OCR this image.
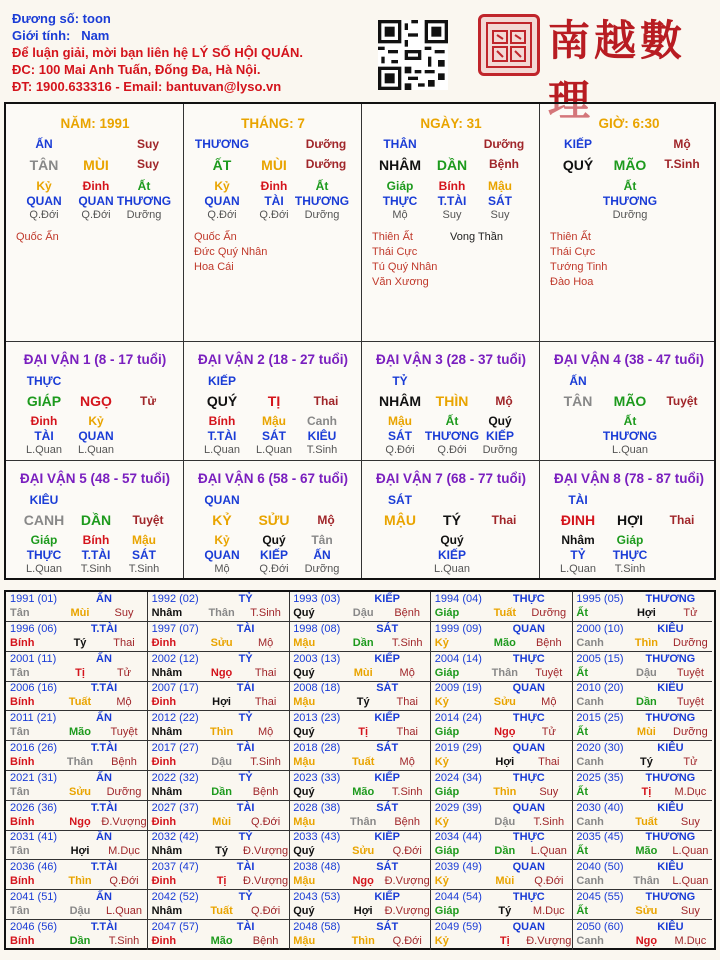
Đương số: toon
Giới tính: Nam
Để luận giải, mời bạn liên hệ LÝ SỐ HỘI QUÁN.
ĐC: 100 Mai Anh Tuấn, Đống Đa, Hà Nội.
ĐT: 1900.633316 - Email: bantuvan@lyso.vn
南越數理
NĂM: 1991
ẤN	Suy
TÂN	MÙI	Suy
Kỷ
QUAN
Q.Đới
Đinh
QUAN
Q.Đới
Ất
THƯƠNG
Dưỡng
Quốc Ấn
THÁNG: 7
THƯƠNG	Dưỡng
ẤT	MÙI	Dưỡng
Kỷ
QUAN
Q.Đới
Đinh
TÀI
Q.Đới
Ất
THƯƠNG
Dưỡng
Quốc Ấn
Đức Quý Nhân
Hoa Cái
NGÀY: 31
THÂN	Dưỡng
NHÂM	DẦN	Bệnh
Giáp
THỰC
Mộ
Bính
T.TÀI
Suy
Mậu
SÁT
Suy
Thiên Ất
Thái Cực
Tú Quý Nhân
Văn Xương
Vong Thần
GIỜ: 6:30
KIẾP	Mộ
QUÝ	MÃO	T.Sinh
Ất
THƯƠNG
Dưỡng
Thiên Ất
Thái Cực
Tướng Tinh
Đào Hoa
ĐẠI VẬN 1 (8 - 17 tuổi)
THỰC
GIÁP	NGỌ	Tử
Đinh
TÀI
L.Quan
Kỷ
QUAN
L.Quan
ĐẠI VẬN 2 (18 - 27 tuổi)
KIẾP
QUÝ	TỊ	Thai
Bính
T.TÀI
L.Quan
Mậu
SÁT
L.Quan
Canh
KIÊU
T.Sinh
ĐẠI VẬN 3 (28 - 37 tuổi)
TỶ
NHÂM	THÌN	Mộ
Mậu
SÁT
Q.Đới
Ất
THƯƠNG
Q.Đới
Quý
KIẾP
Dưỡng
ĐẠI VẬN 4 (38 - 47 tuổi)
ẤN
TÂN	MÃO	Tuyệt
Ất
THƯƠNG
L.Quan
ĐẠI VẬN 5 (48 - 57 tuổi)
KIÊU
CANH	DẦN	Tuyệt
Giáp
THỰC
L.Quan
Bính
T.TÀI
T.Sinh
Mậu
SÁT
T.Sinh
ĐẠI VẬN 6 (58 - 67 tuổi)
QUAN
KỶ	SỬU	Mộ
Kỷ
QUAN
Mộ
Quý
KIẾP
Q.Đới
Tân
ẤN
Dưỡng
ĐẠI VẬN 7 (68 - 77 tuổi)
SÁT
MẬU	TÝ	Thai
Quý
KIẾP
L.Quan
ĐẠI VẬN 8 (78 - 87 tuổi)
TÀI
ĐINH	HỢI	Thai
Nhâm
TỶ
L.Quan
Giáp
THỰC
T.Sinh
1991 (01)	ẤN
Tân	Mùi	Suy
1992 (02)	TỶ
Nhâm	Thân	T.Sinh
1993 (03)	KIẾP
Quý	Dậu	Bệnh
1994 (04)	THỰC
Giáp	Tuất	Dưỡng
1995 (05)	THƯƠNG
Ất	Hợi	Tử
1996 (06)	T.TÀI
Bính	Tý	Thai
1997 (07)	TÀI
Đinh	Sửu	Mộ
1998 (08)	SÁT
Mậu	Dần	T.Sinh
1999 (09)	QUAN
Kỷ	Mão	Bệnh
2000 (10)	KIÊU
Canh	Thìn	Dưỡng
2001 (11)	ẤN
Tân	Tị	Tử
2002 (12)	TỶ
Nhâm	Ngọ	Thai
2003 (13)	KIẾP
Quý	Mùi	Mộ
2004 (14)	THỰC
Giáp	Thân	Tuyệt
2005 (15)	THƯƠNG
Ất	Dậu	Tuyệt
2006 (16)	T.TÀI
Bính	Tuất	Mộ
2007 (17)	TÀI
Đinh	Hợi	Thai
2008 (18)	SÁT
Mậu	Tý	Thai
2009 (19)	QUAN
Kỷ	Sửu	Mộ
2010 (20)	KIÊU
Canh	Dần	Tuyệt
2011 (21)	ẤN
Tân	Mão	Tuyệt
2012 (22)	TỶ
Nhâm	Thìn	Mộ
2013 (23)	KIẾP
Quý	Tị	Thai
2014 (24)	THỰC
Giáp	Ngọ	Tử
2015 (25)	THƯƠNG
Ất	Mùi	Dưỡng
2016 (26)	T.TÀI
Bính	Thân	Bệnh
2017 (27)	TÀI
Đinh	Dậu	T.Sinh
2018 (28)	SÁT
Mậu	Tuất	Mộ
2019 (29)	QUAN
Kỷ	Hợi	Thai
2020 (30)	KIÊU
Canh	Tý	Tử
2021 (31)	ẤN
Tân	Sửu	Dưỡng
2022 (32)	TỶ
Nhâm	Dần	Bệnh
2023 (33)	KIẾP
Quý	Mão	T.Sinh
2024 (34)	THỰC
Giáp	Thìn	Suy
2025 (35)	THƯƠNG
Ất	Tị	M.Dục
2026 (36)	T.TÀI
Bính	Ngọ Đ.Vượng
2027 (37)	TÀI
Đinh	Mùi	Q.Đới
2028 (38)	SÁT
Mậu	Thân	Bệnh
2029 (39)	QUAN
Kỷ	Dậu	T.Sinh
2030 (40)	KIÊU
Canh	Tuất	Suy
2031 (41)	ẤN
Tân	Hợi	M.Dục
2032 (42)	TỶ
Nhâm	Tý	Đ.Vượng
2033 (43)	KIẾP
Quý	Sửu	Q.Đới
2034 (44)	THỰC
Giáp	Dần	L.Quan
2035 (45)	THƯƠNG
Ất	Mão	L.Quan
2036 (46)	T.TÀI
Bính	Thìn	Q.Đới
2037 (47)	TÀI
Đinh	Tị	Đ.Vượng
2038 (48)	SÁT
Mậu	Ngọ Đ.Vượng
2039 (49)	QUAN
Kỷ	Mùi	Q.Đới
2040 (50)	KIÊU
Canh	Thân	L.Quan
2041 (51)	ẤN
Tân	Dậu	L.Quan
2042 (52)	TỶ
Nhâm	Tuất	Q.Đới
2043 (53)	KIẾP
Quý	Hợi	Đ.Vượng
2044 (54)	THỰC
Giáp	Tý	M.Dục
2045 (55)	THƯƠNG
Ất	Sửu	Suy
2046 (56)	T.TÀI
Bính	Dần	T.Sinh
2047 (57)	TÀI
Đinh	Mão	Bệnh
2048 (58)	SÁT
Mậu	Thìn	Q.Đới
2049 (59)	QUAN
Kỷ	Tị	Đ.Vượng
2050 (60)	KIÊU
Canh	Ngọ	M.Dục
